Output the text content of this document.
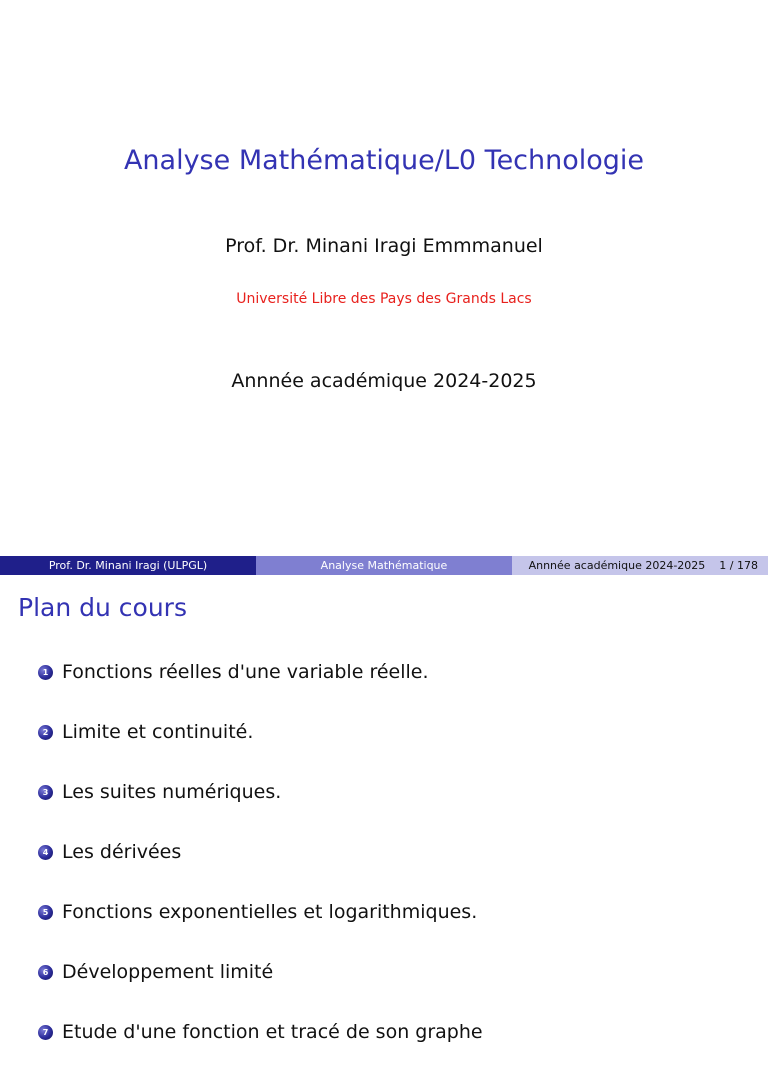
Analyse Mathématique/L0 Technologie
Prof. Dr. Minani Iragi Emmmanuel
Université Libre des Pays des Grands Lacs
Annnée académique 2024-2025
Prof. Dr. Minani Iragi (ULPGL)	Analyse Mathématique	Annnée académique 2024-2025 1 / 178
Plan du cours
1 Fonctions réelles d'une variable réelle.
2 Limite et continuité.
3 Les suites numériques.
4 Les dérivées
5 Fonctions exponentielles et logarithmiques.
6 Développement limité
7 Etude d'une fonction et tracé de son graphe
